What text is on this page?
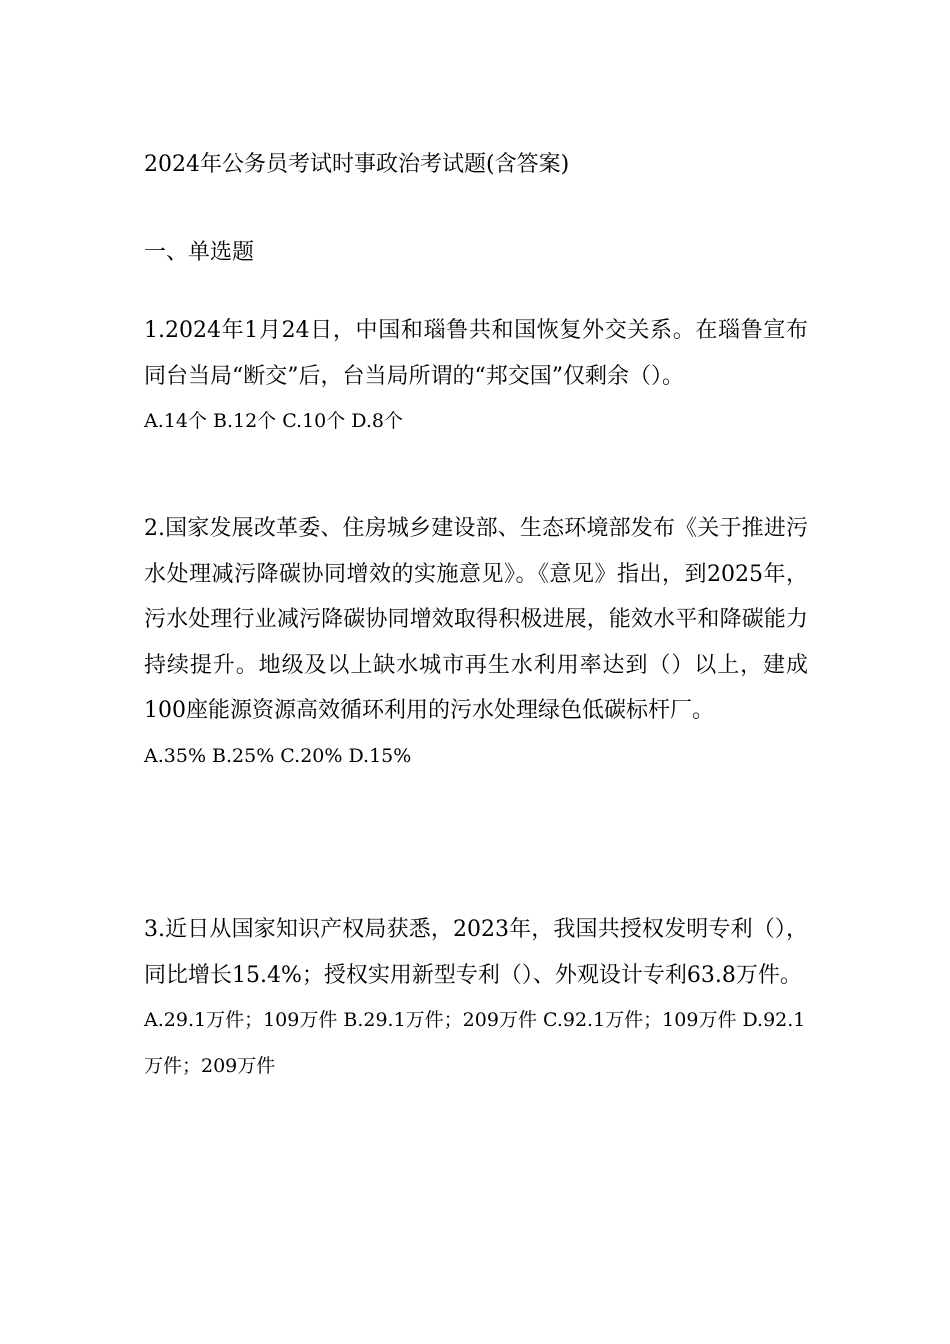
2024年公务员考试时事政治考试题(含答案)
一、单选题

1.2024年1月24日，中国和瑙鲁共和国恢复外交关系。在瑙鲁宣布同台当局“断交”后，台当局所谓的“邦交国”仅剩余（）。

A.14个 B.12个 C.10个 D.8个

2.国家发展改革委、住房城乡建设部、生态环境部发布《关于推进污水处理减污降碳协同增效的实施意见》。《意见》指出，到2025年，污水处理行业减污降碳协同增效取得积极进展，能效水平和降碳能力持续提升。地级及以上缺水城市再生水利用率达到（）以上，建成100座能源资源高效循环利用的污水处理绿色低碳标杆厂。

A.35% B.25% C.20% D.15%

3.近日从国家知识产权局获悉，2023年，我国共授权发明专利（），同比增长15.4%；授权实用新型专利（）、外观设计专利63.8万件。

A.29.1万件；109万件 B.29.1万件；209万件 C.92.1万件；109万件 D.92.1万件；209万件
